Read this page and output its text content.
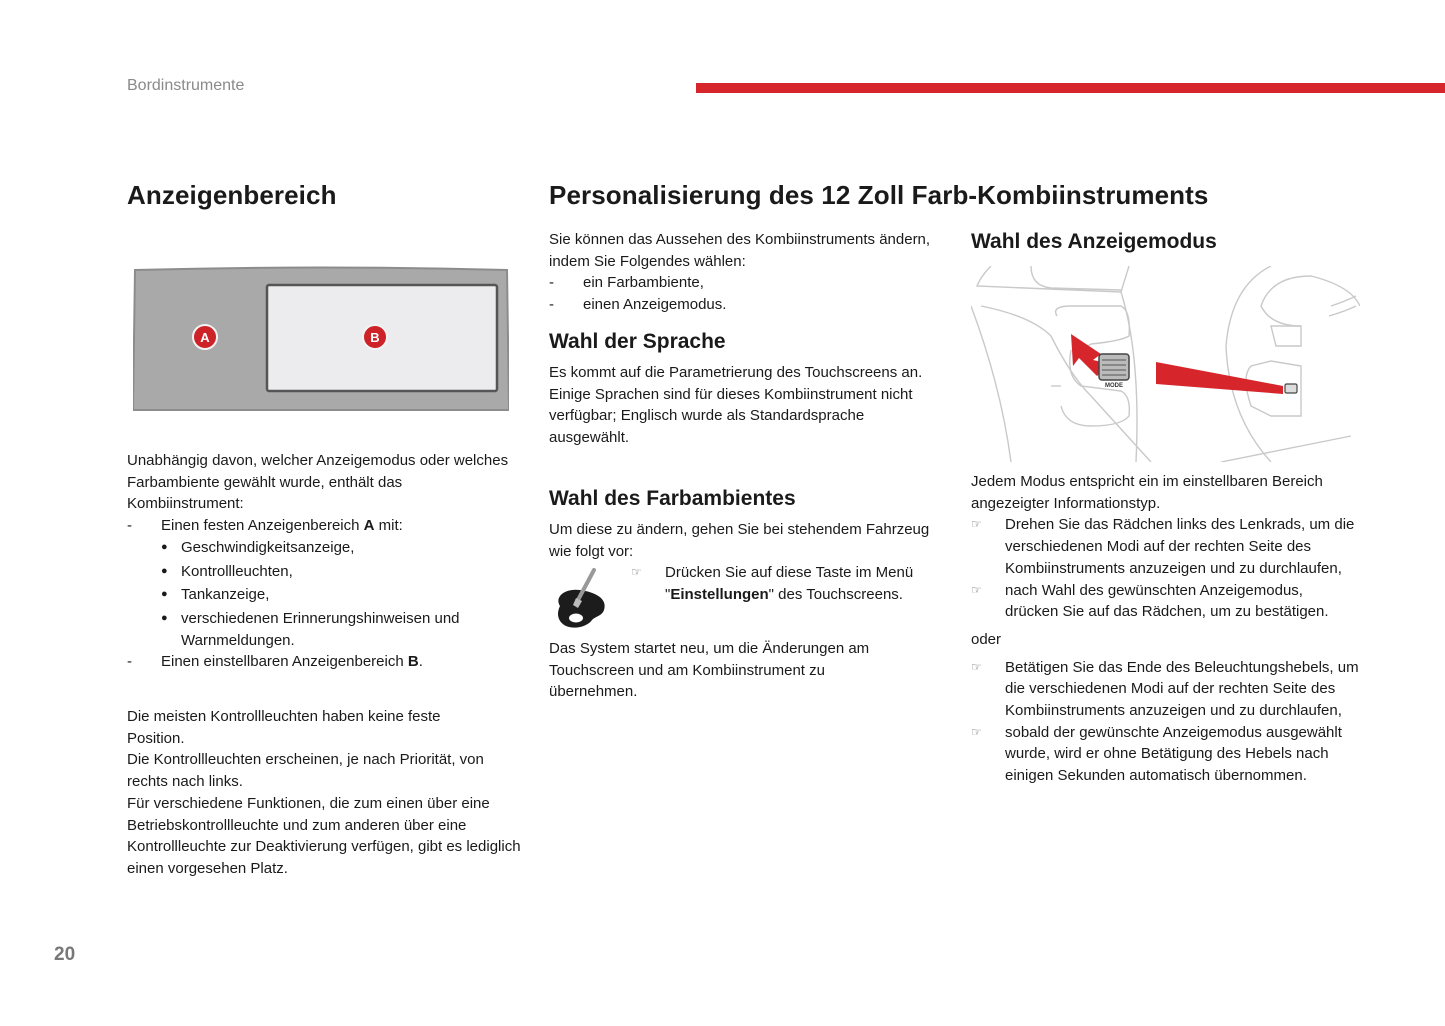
Bordinstrumente
Anzeigenbereich
A	B

Unabhängig davon, welcher Anzeigemodus oder welches Farbambiente gewählt wurde, enthält das Kombiinstrument:

-	Einen festen Anzeigenbereich A mit:
●
Geschwindigkeitsanzeige,
●
Kontrollleuchten,
●
Tankanzeige,
●
verschiedenen Erinnerungshinweisen und Warnmeldungen.
-	Einen einstellbaren Anzeigenbereich B.

Die meisten Kontrollleuchten haben keine feste Position.

Die Kontrollleuchten erscheinen, je nach Priorität, von rechts nach links.

Für verschiedene Funktionen, die zum einen über eine Betriebskontrollleuchte und zum anderen über eine Kontrollleuchte zur Deaktivierung verfügen, gibt es lediglich einen vorgesehen Platz.

Personalisierung des 12 Zoll Farb-Kombiinstruments

Sie können das Aussehen des Kombiinstruments ändern, indem Sie Folgendes wählen:

-	ein Farbambiente,
-	einen Anzeigemodus.
Wahl der Sprache

Es kommt auf die Parametrierung des Touchscreens an.

Einige Sprachen sind für dieses Kombiinstrument nicht verfügbar; Englisch wurde als Standardsprache ausgewählt.

Wahl des Farbambientes
Um diese zu ändern, gehen Sie bei stehendem Fahrzeug wie folgt vor:
☞	Drücken Sie auf diese Taste im Menü "Einstellungen" des Touchscreens.
Das System startet neu, um die Änderungen am Touchscreen und am Kombiinstrument zu übernehmen.
Wahl des Anzeigemodus
MODE

Jedem Modus entspricht ein im einstellbaren Bereich angezeigter Informationstyp.

☞	Drehen Sie das Rädchen links des Lenkrads, um die verschiedenen Modi auf der rechten Seite des Kombiinstruments anzuzeigen und zu durchlaufen,
☞	nach Wahl des gewünschten Anzeigemodus, drücken Sie auf das Rädchen, um zu bestätigen.

oder

☞	Betätigen Sie das Ende des Beleuchtungshebels, um die verschiedenen Modi auf der rechten Seite des Kombiinstruments anzuzeigen und zu durchlaufen,
☞	sobald der gewünschte Anzeigemodus ausgewählt wurde, wird er ohne Betätigung des Hebels nach einigen Sekunden automatisch übernommen.
20
